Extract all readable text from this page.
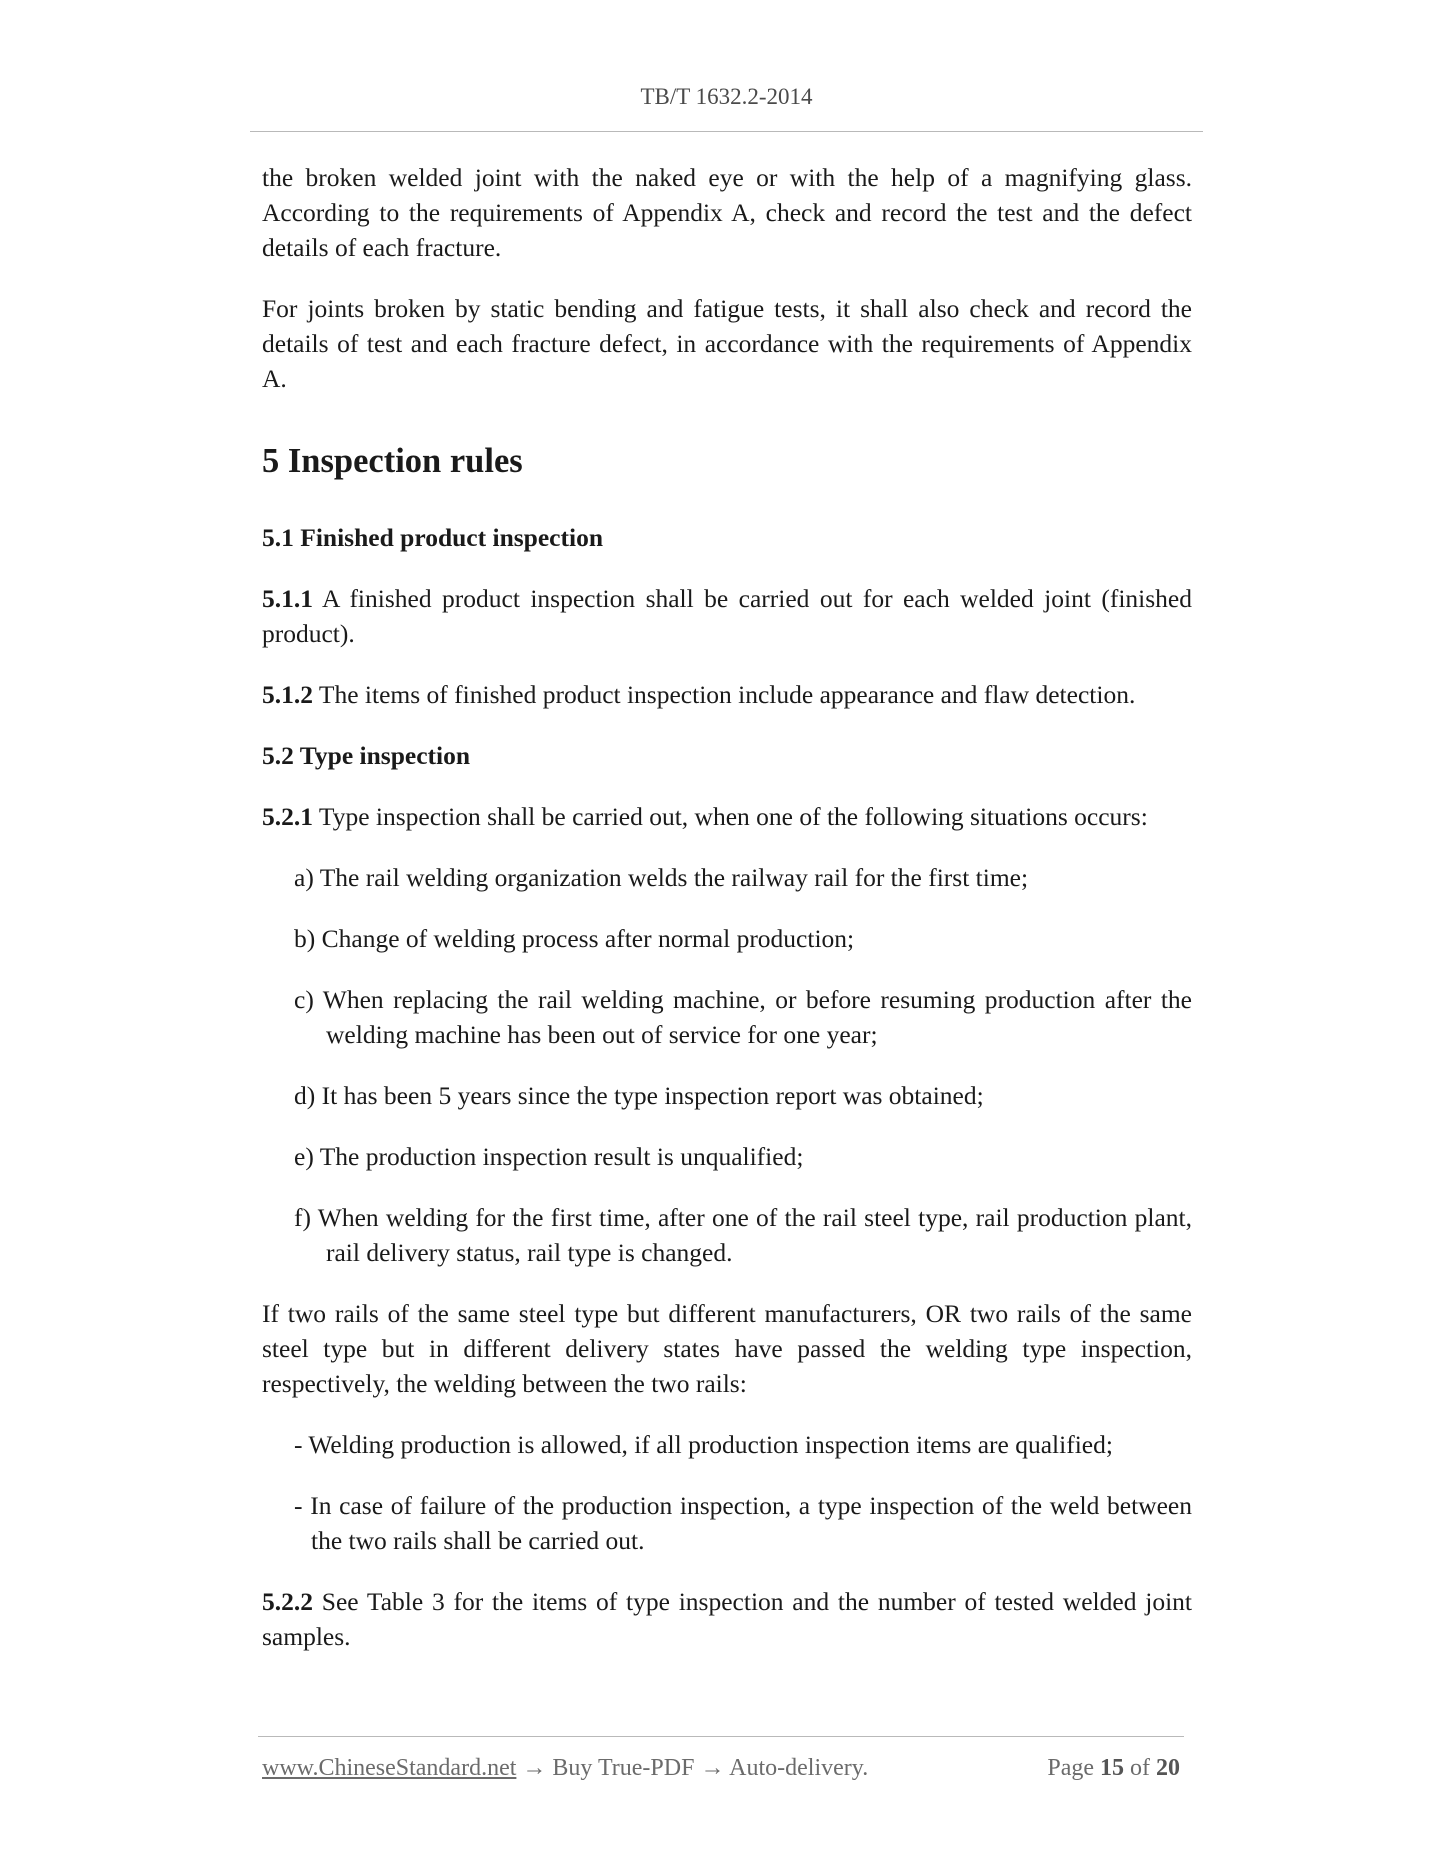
TB/T 1632.2-2014

the broken welded joint with the naked eye or with the help of a magnifying glass. According to the requirements of Appendix A, check and record the test and the defect details of each fracture.

For joints broken by static bending and fatigue tests, it shall also check and record the details of test and each fracture defect, in accordance with the requirements of Appendix A.

5 Inspection rules
5.1 Finished product inspection

5.1.1 A finished product inspection shall be carried out for each welded joint (finished product).

5.1.2 The items of finished product inspection include appearance and flaw detection.

5.2 Type inspection

5.2.1 Type inspection shall be carried out, when one of the following situations occurs:

a) The rail welding organization welds the railway rail for the first time;

b) Change of welding process after normal production;

c) When replacing the rail welding machine, or before resuming production after the welding machine has been out of service for one year;

d) It has been 5 years since the type inspection report was obtained;

e) The production inspection result is unqualified;

f) When welding for the first time, after one of the rail steel type, rail production plant, rail delivery status, rail type is changed.

If two rails of the same steel type but different manufacturers, OR two rails of the same steel type but in different delivery states have passed the welding type inspection, respectively, the welding between the two rails:

- Welding production is allowed, if all production inspection items are qualified;

- In case of failure of the production inspection, a type inspection of the weld between the two rails shall be carried out.

5.2.2 See Table 3 for the items of type inspection and the number of tested welded joint samples.

www.ChineseStandard.net → Buy True-PDF → Auto-delivery.	Page 15 of 20
